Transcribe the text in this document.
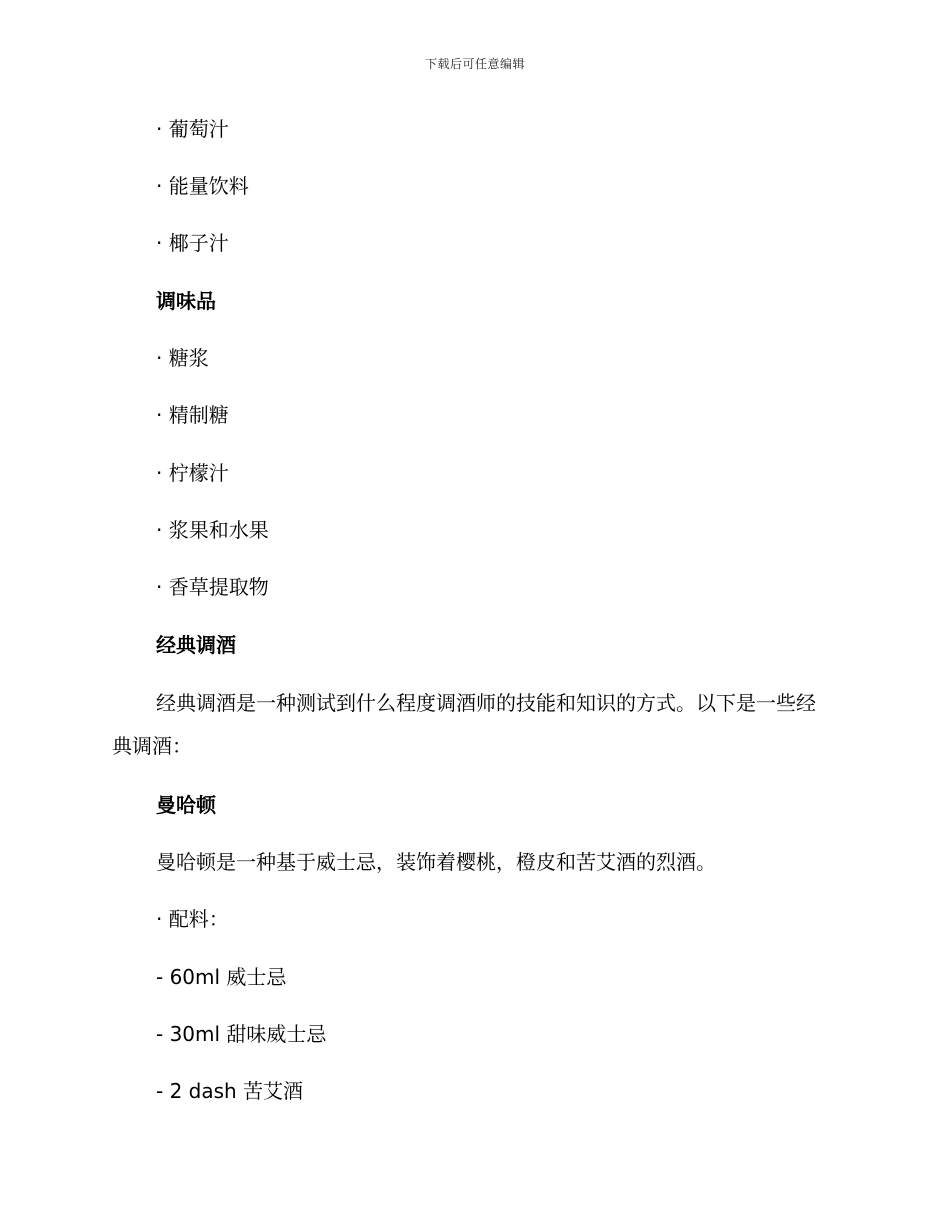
下载后可任意编辑
· 葡萄汁
· 能量饮料
· 椰子汁
调味品
· 糖浆
· 精制糖
· 柠檬汁
· 浆果和水果
· 香草提取物
经典调酒
经典调酒是一种测试到什么程度调酒师的技能和知识的方式。以下是一些经典调酒：
曼哈顿
曼哈顿是一种基于威士忌，装饰着樱桃，橙皮和苦艾酒的烈酒。
· 配料：
- 60ml 威士忌
- 30ml 甜味威士忌
- 2 dash 苦艾酒
